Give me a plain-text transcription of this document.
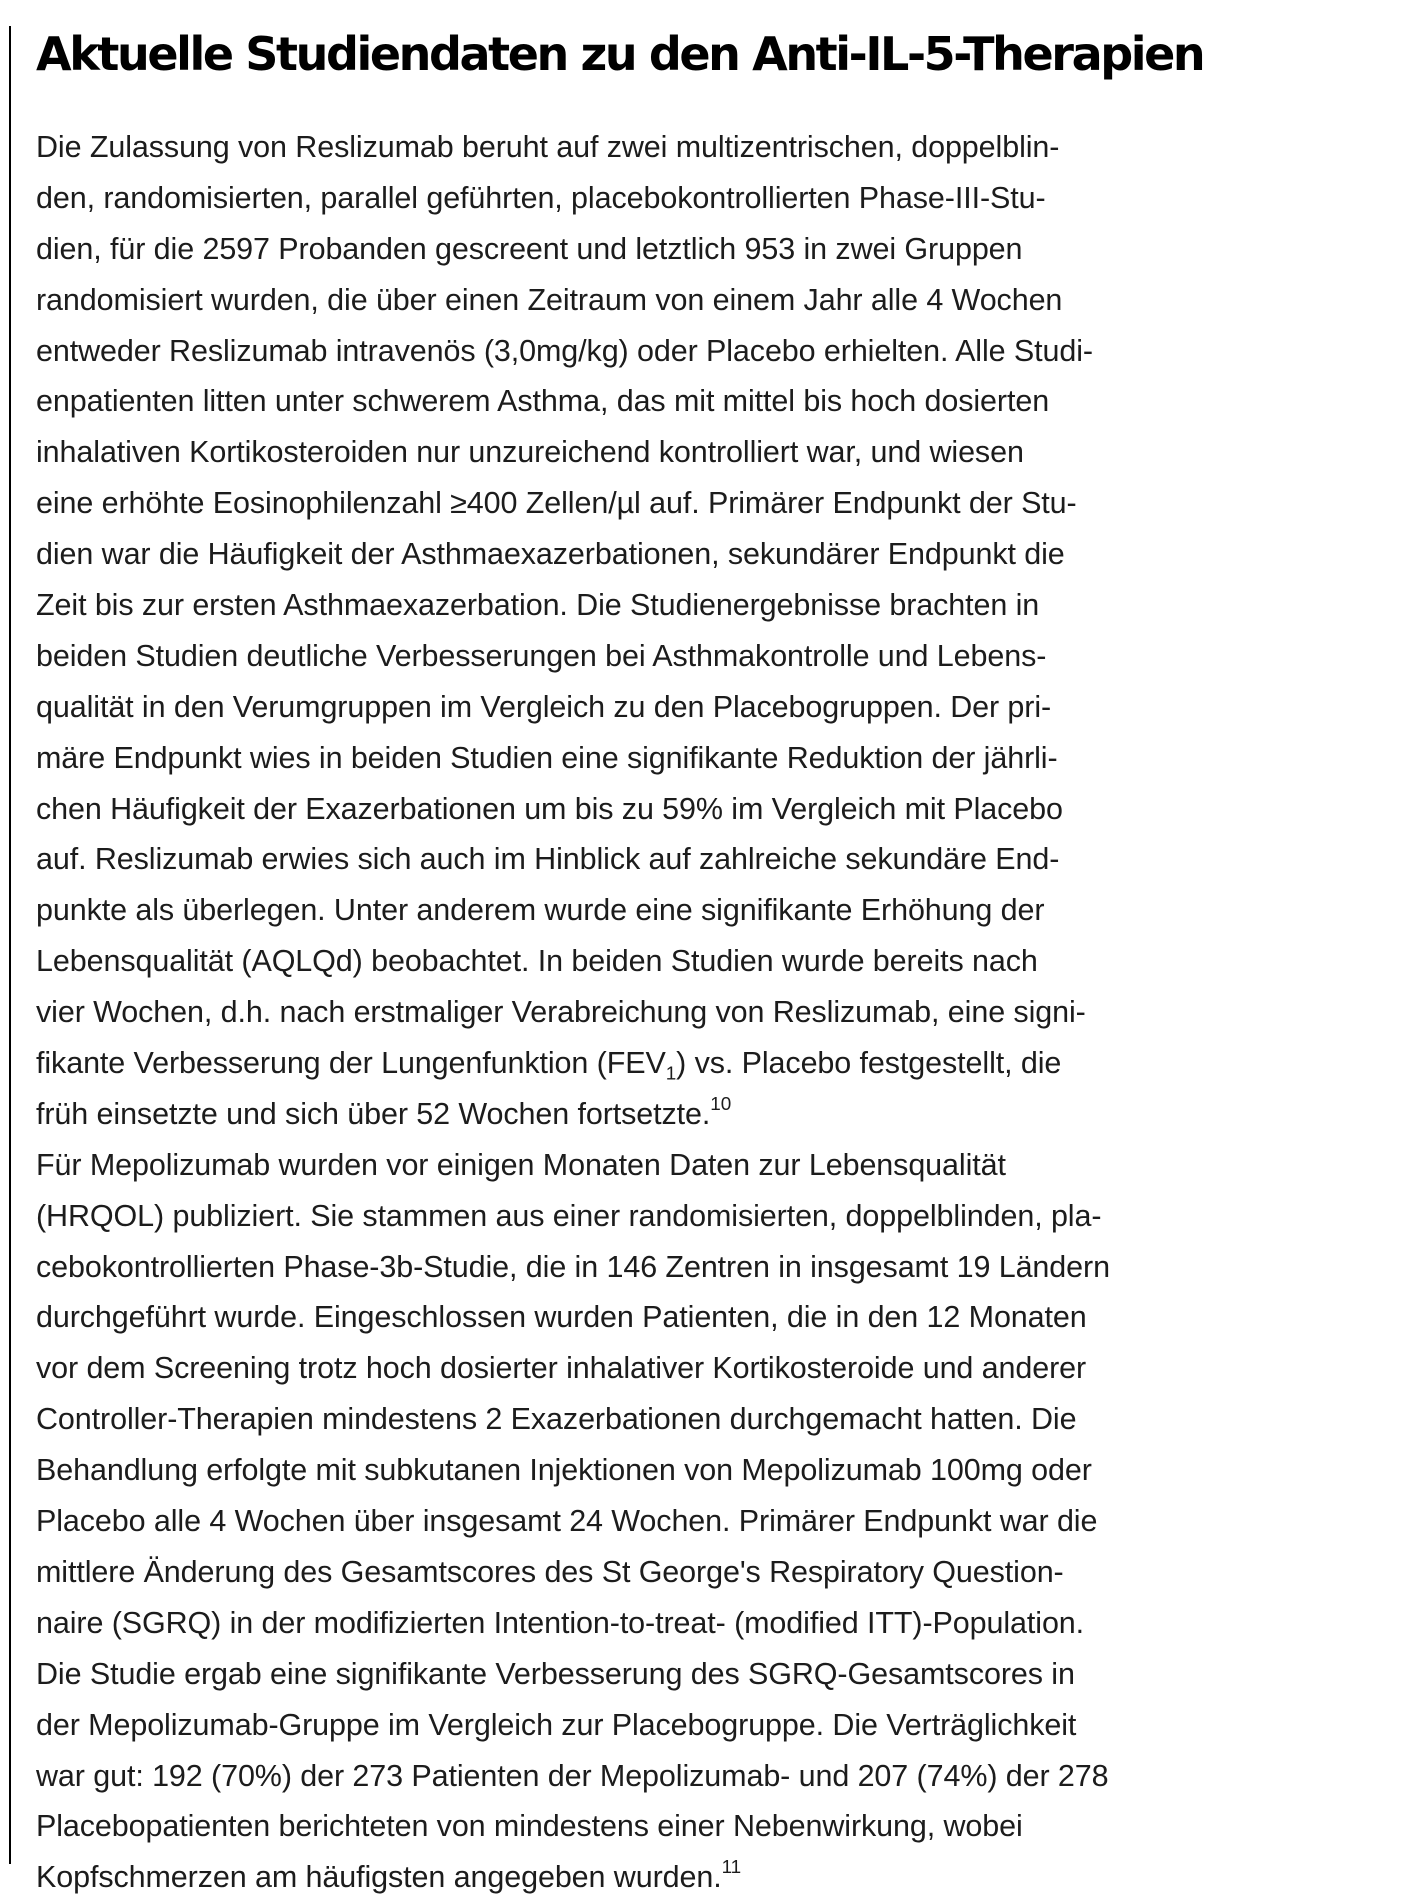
Aktuelle Studiendaten zu den Anti-IL-5-Therapien
Die Zulassung von Reslizumab beruht auf zwei multizentrischen, doppelblin-
den, randomisierten, parallel geführten, placebokontrollierten Phase-III-Stu-
dien, für die 2597 Probanden gescreent und letztlich 953 in zwei Gruppen
randomisiert wurden, die über einen Zeitraum von einem Jahr alle 4 Wochen
entweder Reslizumab intravenös (3,0mg/kg) oder Placebo erhielten. Alle Studi-
enpatienten litten unter schwerem Asthma, das mit mittel bis hoch dosierten
inhalativen Kortikosteroiden nur unzureichend kontrolliert war, und wiesen
eine erhöhte Eosinophilenzahl ≥400 Zellen/µl auf. Primärer Endpunkt der Stu-
dien war die Häufigkeit der Asthmaexazerbationen, sekundärer Endpunkt die
Zeit bis zur ersten Asthmaexazerbation. Die Studienergebnisse brachten in
beiden Studien deutliche Verbesserungen bei Asthmakontrolle und Lebens-
qualität in den Verumgruppen im Vergleich zu den Placebogruppen. Der pri-
märe Endpunkt wies in beiden Studien eine signifikante Reduktion der jährli-
chen Häufigkeit der Exazerbationen um bis zu 59% im Vergleich mit Placebo
auf. Reslizumab erwies sich auch im Hinblick auf zahlreiche sekundäre End-
punkte als überlegen. Unter anderem wurde eine signifikante Erhöhung der
Lebensqualität (AQLQd) beobachtet. In beiden Studien wurde bereits nach
vier Wochen, d.h. nach erstmaliger Verabreichung von Reslizumab, eine signi-
fikante Verbesserung der Lungenfunktion $(FEV_1)$ vs. Placebo festgestellt, die
früh einsetzte und sich über 52 Wochen fortsetzte.$^{10}$
Für Mepolizumab wurden vor einigen Monaten Daten zur Lebensqualität
(HRQOL) publiziert. Sie stammen aus einer randomisierten, doppelblinden, pla-
cebokontrollierten Phase-3b-Studie, die in 146 Zentren in insgesamt 19 Ländern
durchgeführt wurde. Eingeschlossen wurden Patienten, die in den 12 Monaten
vor dem Screening trotz hoch dosierter inhalativer Kortikosteroide und anderer
Controller-Therapien mindestens 2 Exazerbationen durchgemacht hatten. Die
Behandlung erfolgte mit subkutanen Injektionen von Mepolizumab 100mg oder
Placebo alle 4 Wochen über insgesamt 24 Wochen. Primärer Endpunkt war die
mittlere Änderung des Gesamtscores des St George's Respiratory Question-
naire (SGRQ) in der modifizierten Intention-to-treat- (modified ITT)-Population.
Die Studie ergab eine signifikante Verbesserung des SGRQ-Gesamtscores in
der Mepolizumab-Gruppe im Vergleich zur Placebogruppe. Die Verträglichkeit
war gut: 192 (70%) der 273 Patienten der Mepolizumab- und 207 (74%) der 278
Placebopatienten berichteten von mindestens einer Nebenwirkung, wobei
Kopfschmerzen am häufigsten angegeben wurden.$^{11}$
